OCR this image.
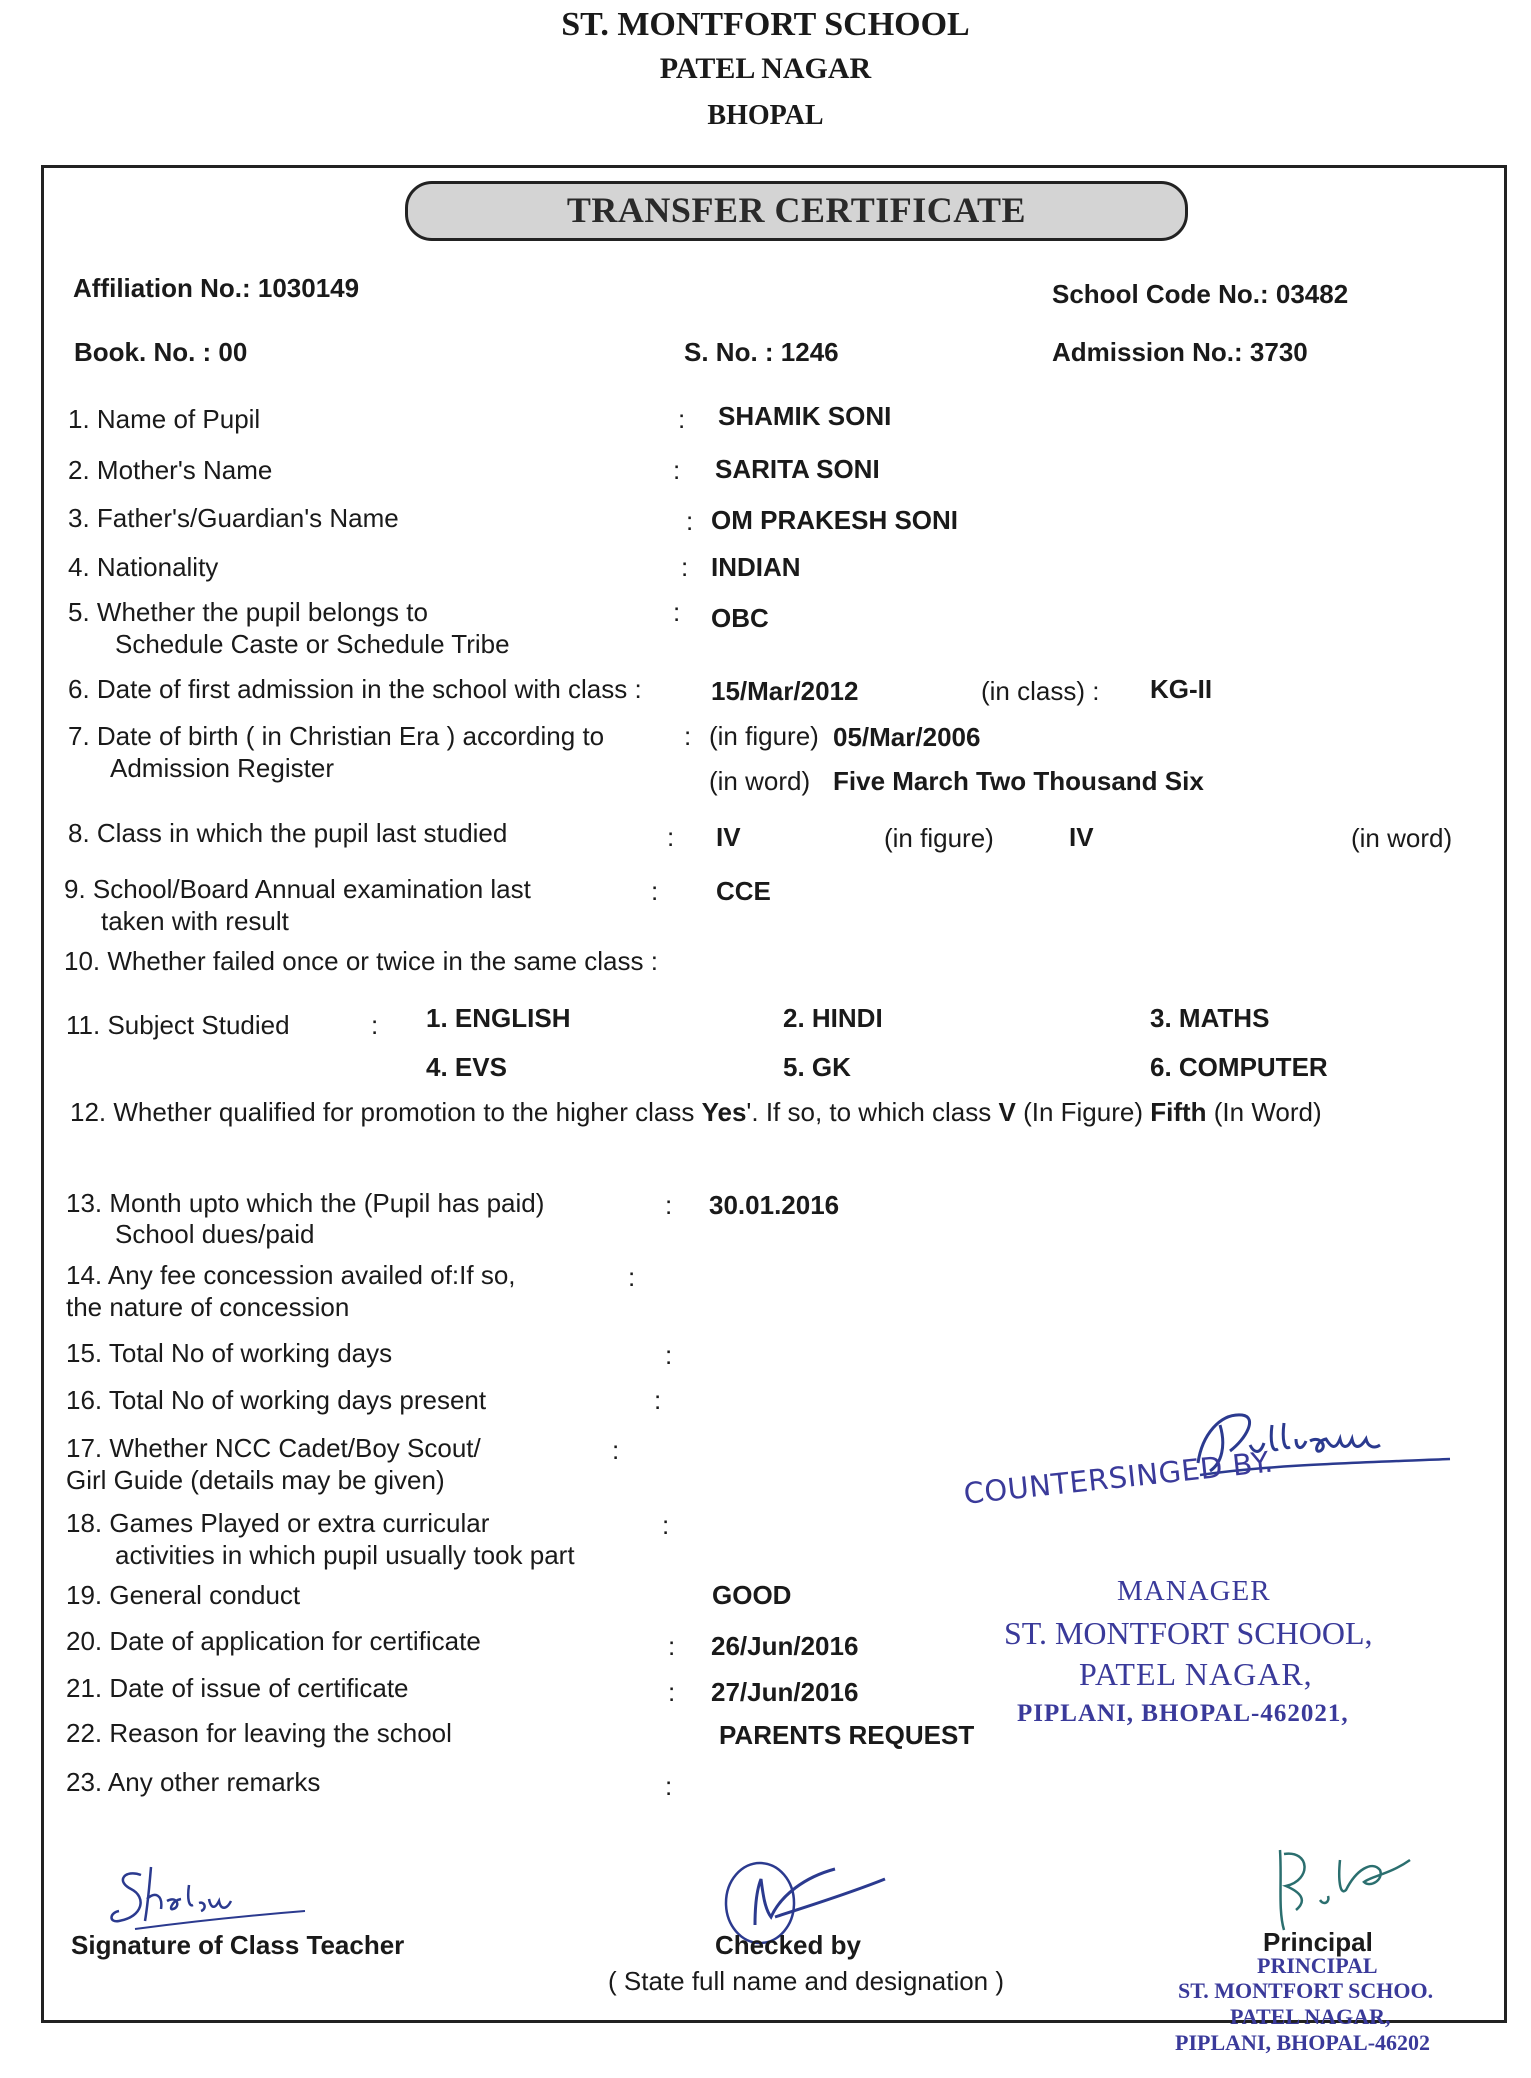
ST. MONTFORT SCHOOL
PATEL NAGAR
BHOPAL
TRANSFER CERTIFICATE
Affiliation No.: 1030149	School Code No.: 03482
Book. No. : 00	S. No. : 1246	Admission No.: 3730
1. Name of Pupil	: SHAMIK SONI
2. Mother's Name	: SARITA SONI
3. Father's/Guardian's Name	: OM PRAKESH SONI
4. Nationality	: INDIAN
5. Whether the pupil belongs to
Schedule Caste or Schedule Tribe
: OBC
6. Date of first admission in the school with class :	15/Mar/2012	(in class) : KG-II
7. Date of birth ( in Christian Era ) according to
Admission Register
: (in figure) 05/Mar/2006
(in word) Five March Two Thousand Six
8. Class in which the pupil last studied	: IV	(in figure)	IV	(in word)
9. School/Board Annual examination last
taken with result
: CCE
10. Whether failed once or twice in the same class :
11. Subject Studied	: 1. ENGLISH	2. HINDI	3. MATHS
4. EVS	5. GK	6. COMPUTER
12. Whether qualified for promotion to the higher class Yes'. If so, to which class V (In Figure) Fifth (In Word)
13. Month upto which the (Pupil has paid)
School dues/paid
: 30.01.2016
14. Any fee concession availed of:If so,
the nature of concession
:
15. Total No of working days	:
16. Total No of working days present	:
17. Whether NCC Cadet/Boy Scout/
Girl Guide (details may be given)
:
18. Games Played or extra curricular
activities in which pupil usually took part
:
19. General conduct	GOOD
20. Date of application for certificate	: 26/Jun/2016
21. Date of issue of certificate	: 27/Jun/2016
22. Reason for leaving the school	PARENTS REQUEST
23. Any other remarks	:
COUNTERSINGED BY.
MANAGER
ST. MONTFORT SCHOOL,
PATEL NAGAR,
PIPLANI, BHOPAL-462021,
Signature of Class Teacher	Checked by
( State full name and designation )
Principal
PRINCIPAL
ST. MONTFORT SCHOO.
PATEL NAGAR,
PIPLANI, BHOPAL-46202
